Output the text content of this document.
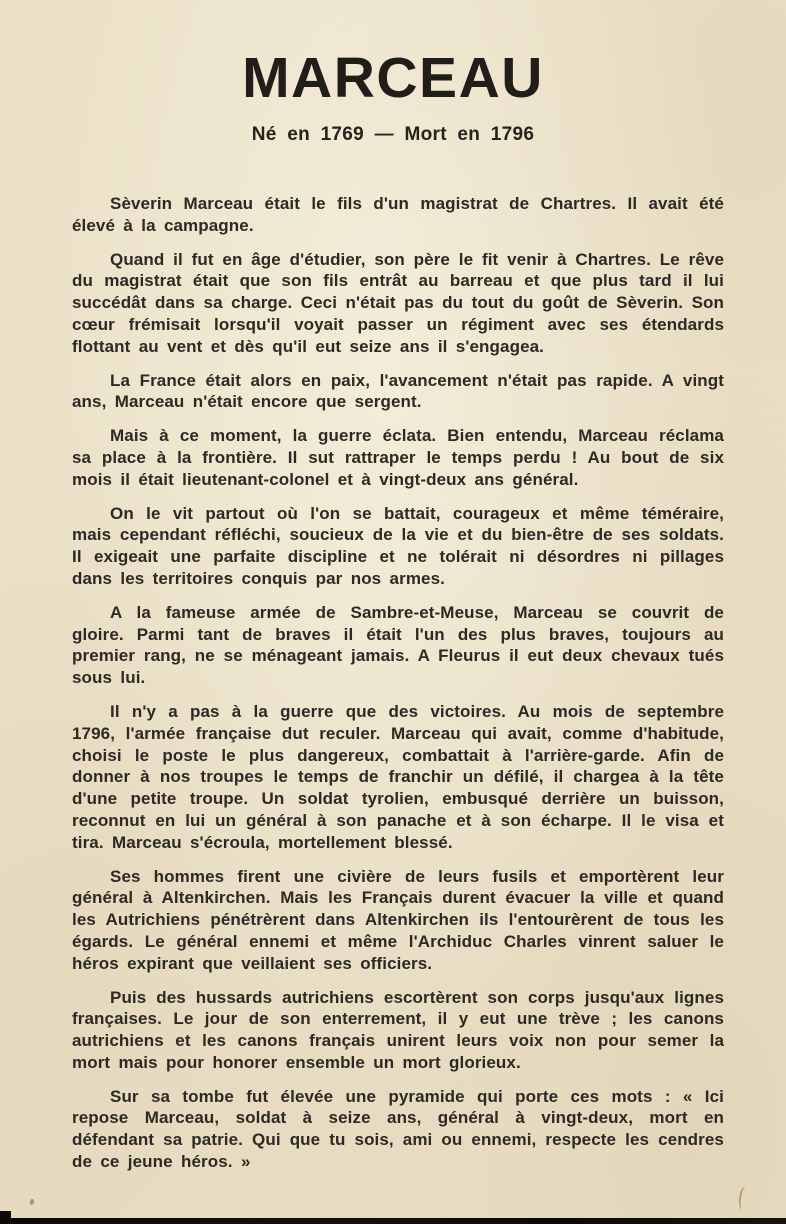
MARCEAU
Né en 1769 — Mort en 1796

Sèverin Marceau était le fils d'un magistrat de Chartres. Il avait été élevé à la campagne.

Quand il fut en âge d'étudier, son père le fit venir à Chartres. Le rêve du magistrat était que son fils entrât au barreau et que plus tard il lui succédât dans sa charge. Ceci n'était pas du tout du goût de Sèverin. Son cœur frémisait lorsqu'il voyait passer un régiment avec ses étendards flottant au vent et dès qu'il eut seize ans il s'engagea.

La France était alors en paix, l'avancement n'était pas rapide. A vingt ans, Marceau n'était encore que sergent.

Mais à ce moment, la guerre éclata. Bien entendu, Marceau réclama sa place à la frontière. Il sut rattraper le temps perdu ! Au bout de six mois il était lieutenant-colonel et à vingt-deux ans général.

On le vit partout où l'on se battait, courageux et même téméraire, mais cependant réfléchi, soucieux de la vie et du bien-être de ses soldats. Il exigeait une parfaite discipline et ne tolérait ni désordres ni pillages dans les territoires conquis par nos armes.

A la fameuse armée de Sambre-et-Meuse, Marceau se couvrit de gloire. Parmi tant de braves il était l'un des plus braves, toujours au premier rang, ne se ménageant jamais. A Fleurus il eut deux chevaux tués sous lui.

Il n'y a pas à la guerre que des victoires. Au mois de septembre 1796, l'armée française dut reculer. Marceau qui avait, comme d'habitude, choisi le poste le plus dangereux, combattait à l'arrière-garde. Afin de donner à nos troupes le temps de franchir un défilé, il chargea à la tête d'une petite troupe. Un soldat tyrolien, embusqué derrière un buisson, reconnut en lui un général à son panache et à son écharpe. Il le visa et tira. Marceau s'écroula, mortellement blessé.

Ses hommes firent une civière de leurs fusils et emportèrent leur général à Altenkirchen. Mais les Français durent évacuer la ville et quand les Autrichiens pénétrèrent dans Altenkirchen ils l'entourèrent de tous les égards. Le général ennemi et même l'Archiduc Charles vinrent saluer le héros expirant que veillaient ses officiers.

Puis des hussards autrichiens escortèrent son corps jusqu'aux lignes françaises. Le jour de son enterrement, il y eut une trève ; les canons autrichiens et les canons français unirent leurs voix non pour semer la mort mais pour honorer ensemble un mort glorieux.

Sur sa tombe fut élevée une pyramide qui porte ces mots : « Ici repose Marceau, soldat à seize ans, général à vingt-deux, mort en défendant sa patrie. Qui que tu sois, ami ou ennemi, respecte les cendres de ce jeune héros. »
